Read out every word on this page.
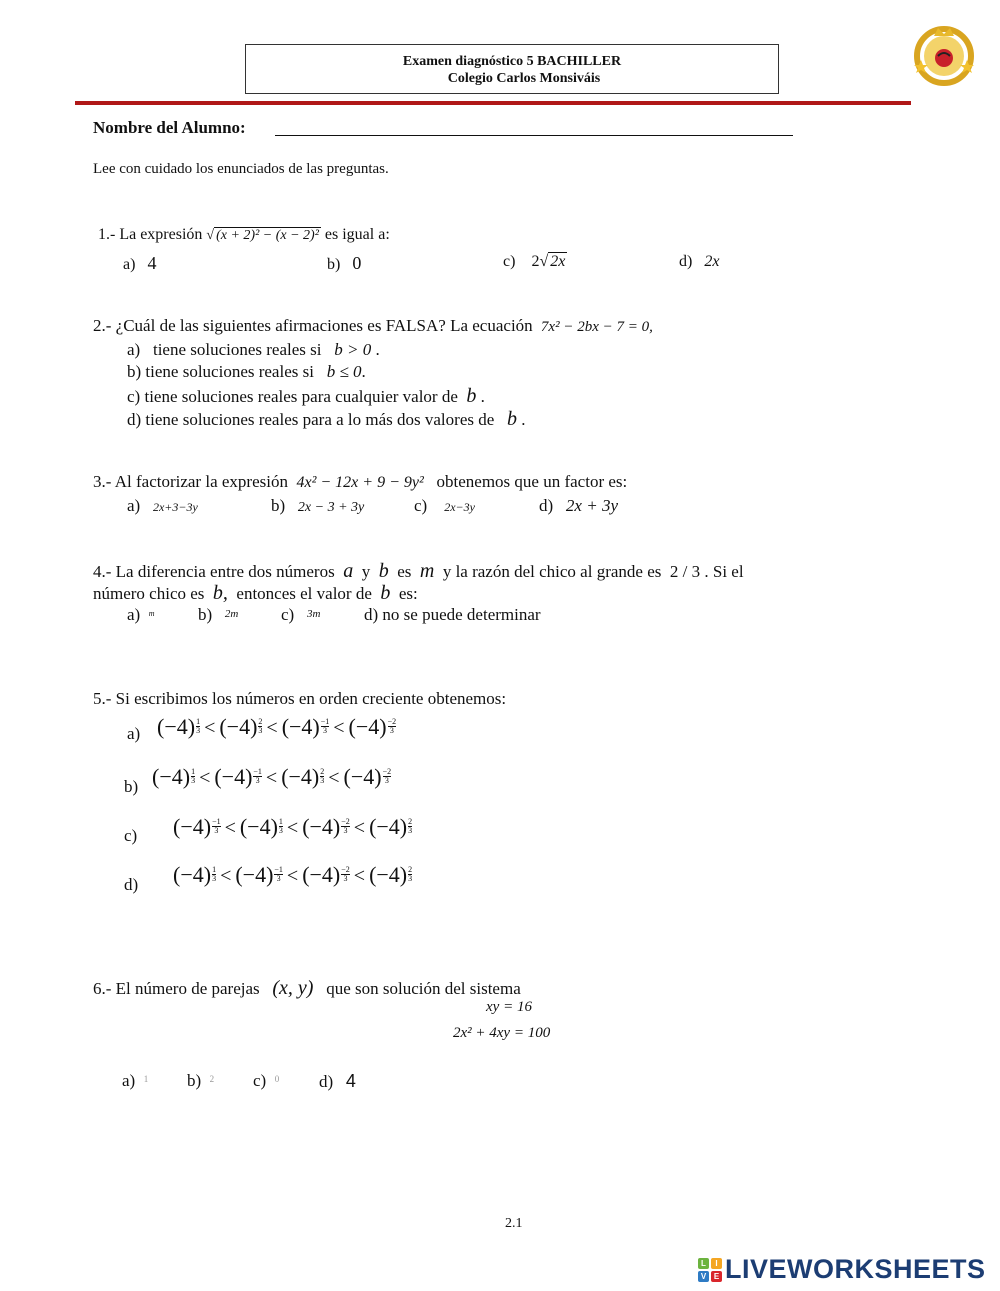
Examen diagnóstico 5 BACHILLER
Colegio Carlos Monsiváis
Nombre del Alumno:
Lee con cuidado los enunciados de las preguntas.
1.- La expresión √ (x + 2)² − (x − 2)² es igual a:
a) 4	b) 0	c) 2√ 2x	d) 2x
2.- ¿Cuál de las siguientes afirmaciones es FALSA? La ecuación 7x² − 2bx − 7 = 0,
a) tiene soluciones reales si b > 0 .
b) tiene soluciones reales si b ≤ 0.
c) tiene soluciones reales para cualquier valor de b .
d) tiene soluciones reales para a lo más dos valores de b .
3.- Al factorizar la expresión 4x² − 12x + 9 − 9y² obtenemos que un factor es:
a) 2x+3−3y	b) 2x − 3 + 3y	c) 2x−3y	d) 2x + 3y
4.- La diferencia entre dos números a y b es m y la razón del chico al grande es 2 / 3 . Si el
número chico es b, entonces el valor de b es:
a) $^m$	b) 2m	c) 3m	d) no se puede determinar
5.- Si escribimos los números en orden creciente obtenemos:
a) $(-4) \frac{1}{3} < (-4) \frac{2}{3} < (-4) \frac{-1}{3} < (-4) \frac{-2}{3}$
b) $(-4) \frac{1}{3} < (-4) \frac{-1}{3} < (-4) \frac{2}{3} < (-4) \frac{-2}{3}$
c) $(-4) \frac{-1}{3} < (-4) \frac{1}{3} < (-4) \frac{-2}{3} < (-4) \frac{2}{3}$
d) $(-4) \frac{1}{3} < (-4) \frac{-1}{3} < (-4) \frac{-2}{3} < (-4) \frac{2}{3}$
6.- El número de parejas (x, y) que son solución del sistema
xy = 16
2x² + 4xy = 100
a) $^1$ b) $^2$ c) $^0$ d) 4
2.1
L	I
V E LIVEWORKSHEETS
